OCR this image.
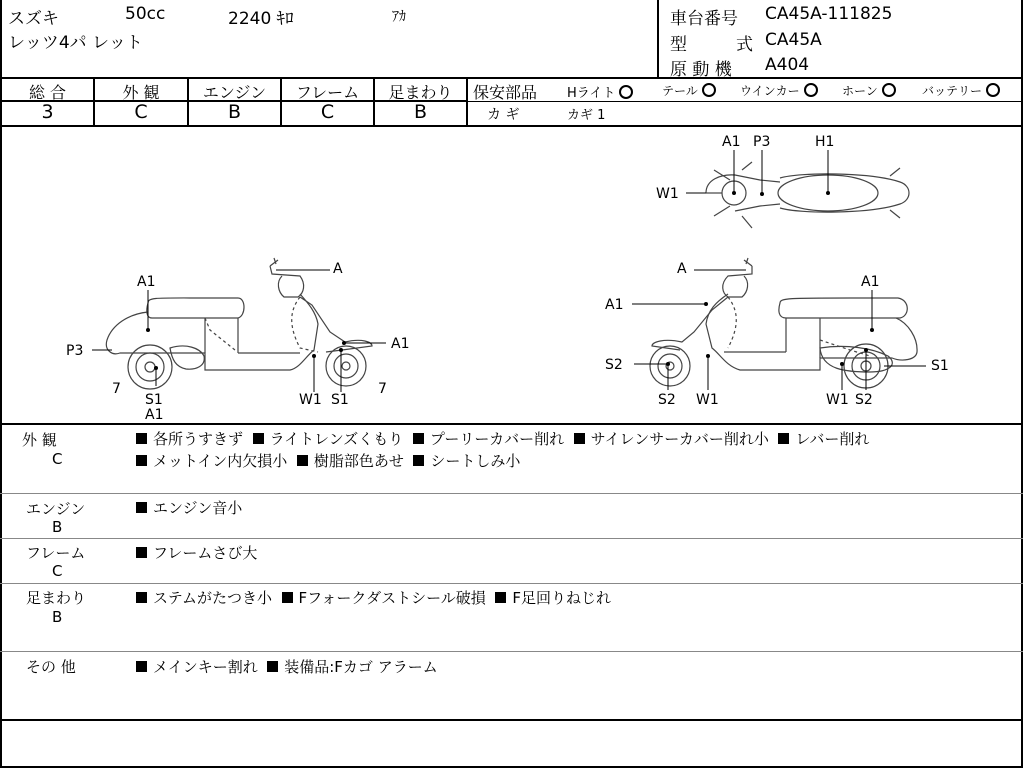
スズキ	50cc	2240 ｷﾛ	ｱｶ
レッツ4パ レット
車台番号 CA45A-111825
型	式 CA45A
原 動 機 A404
総 合	外 観	エンジン	フレーム	足まわり
3	C	B	C	B
保安部品 Hライト	テール	ウインカー	ホーン	バッテリー
カ ギ	カギ 1
A
A1
P3	A1
7	7
S1
A1
W1 S1
A
A1
A1
S2	S1
S2 W1	W1 S2
A1 P3	H1
W1
外 観
C
各所うすきず ライトレンズくもり プーリーカバー削れ サイレンサーカバー削れ小 レバー削れ
メットイン内欠損小 樹脂部色あせ シートしみ小
エンジン
B
エンジン音小
フレーム
C
フレームさび大
足まわり
B
ステムがたつき小 Fフォークダストシール破損 F足回りねじれ
その 他	メインキー割れ 装備品:Fカゴ アラーム
